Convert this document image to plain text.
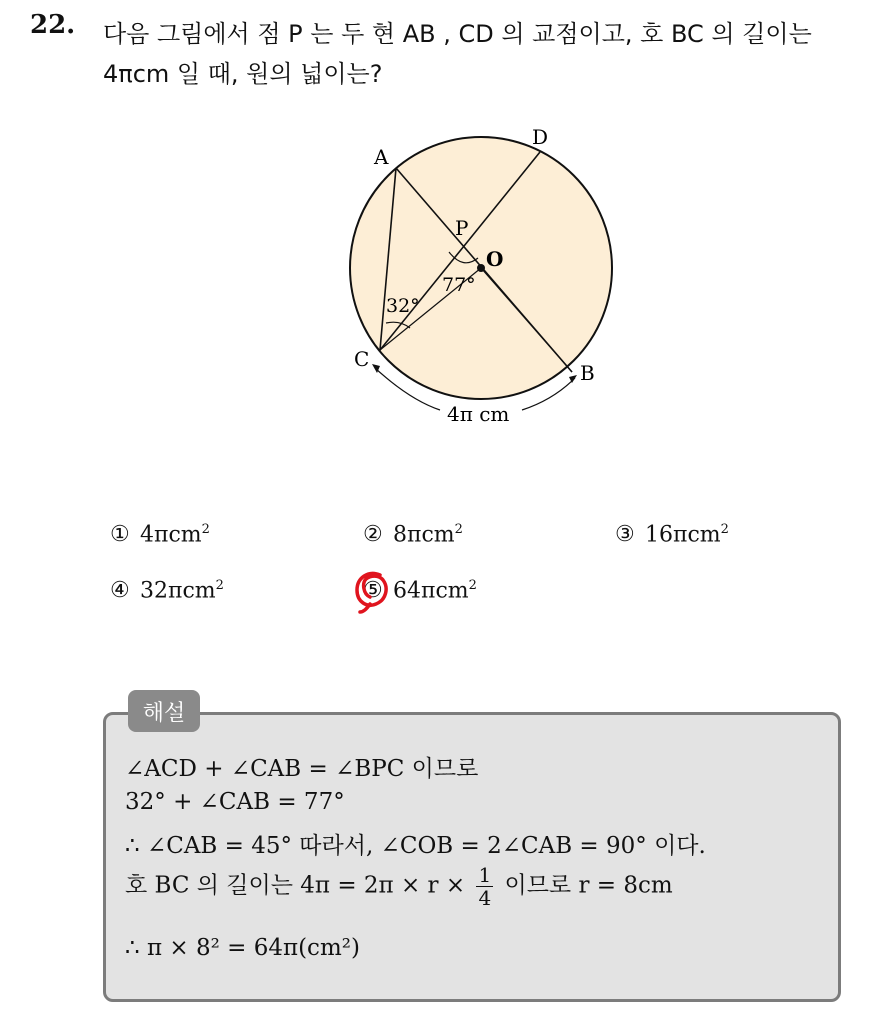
22. 다음 그림에서 점 P 는 두 현 AB , CD 의 교점이고, 호 BC 의 길이는
4πcm 일 때, 원의 넓이는?
A
D
P
O
C
B
32°
77°
4π cm
① 4πcm$^2$	② 8πcm$^2$	③ 16πcm$^2$
④ 32πcm$^2$	⑤ 64πcm$^2$
해설
∠ACD + ∠CAB = ∠BPC 이므로
32° + ∠CAB = 77°
∴ ∠CAB = 45° 따라서, ∠COB = 2∠CAB = 90° 이다.
호 BC 의 길이는 $4\pi = 2\pi \times r \times \frac{1}{4}$ 이므로 r = 8cm
∴ π × 8² = 64π(cm²)
